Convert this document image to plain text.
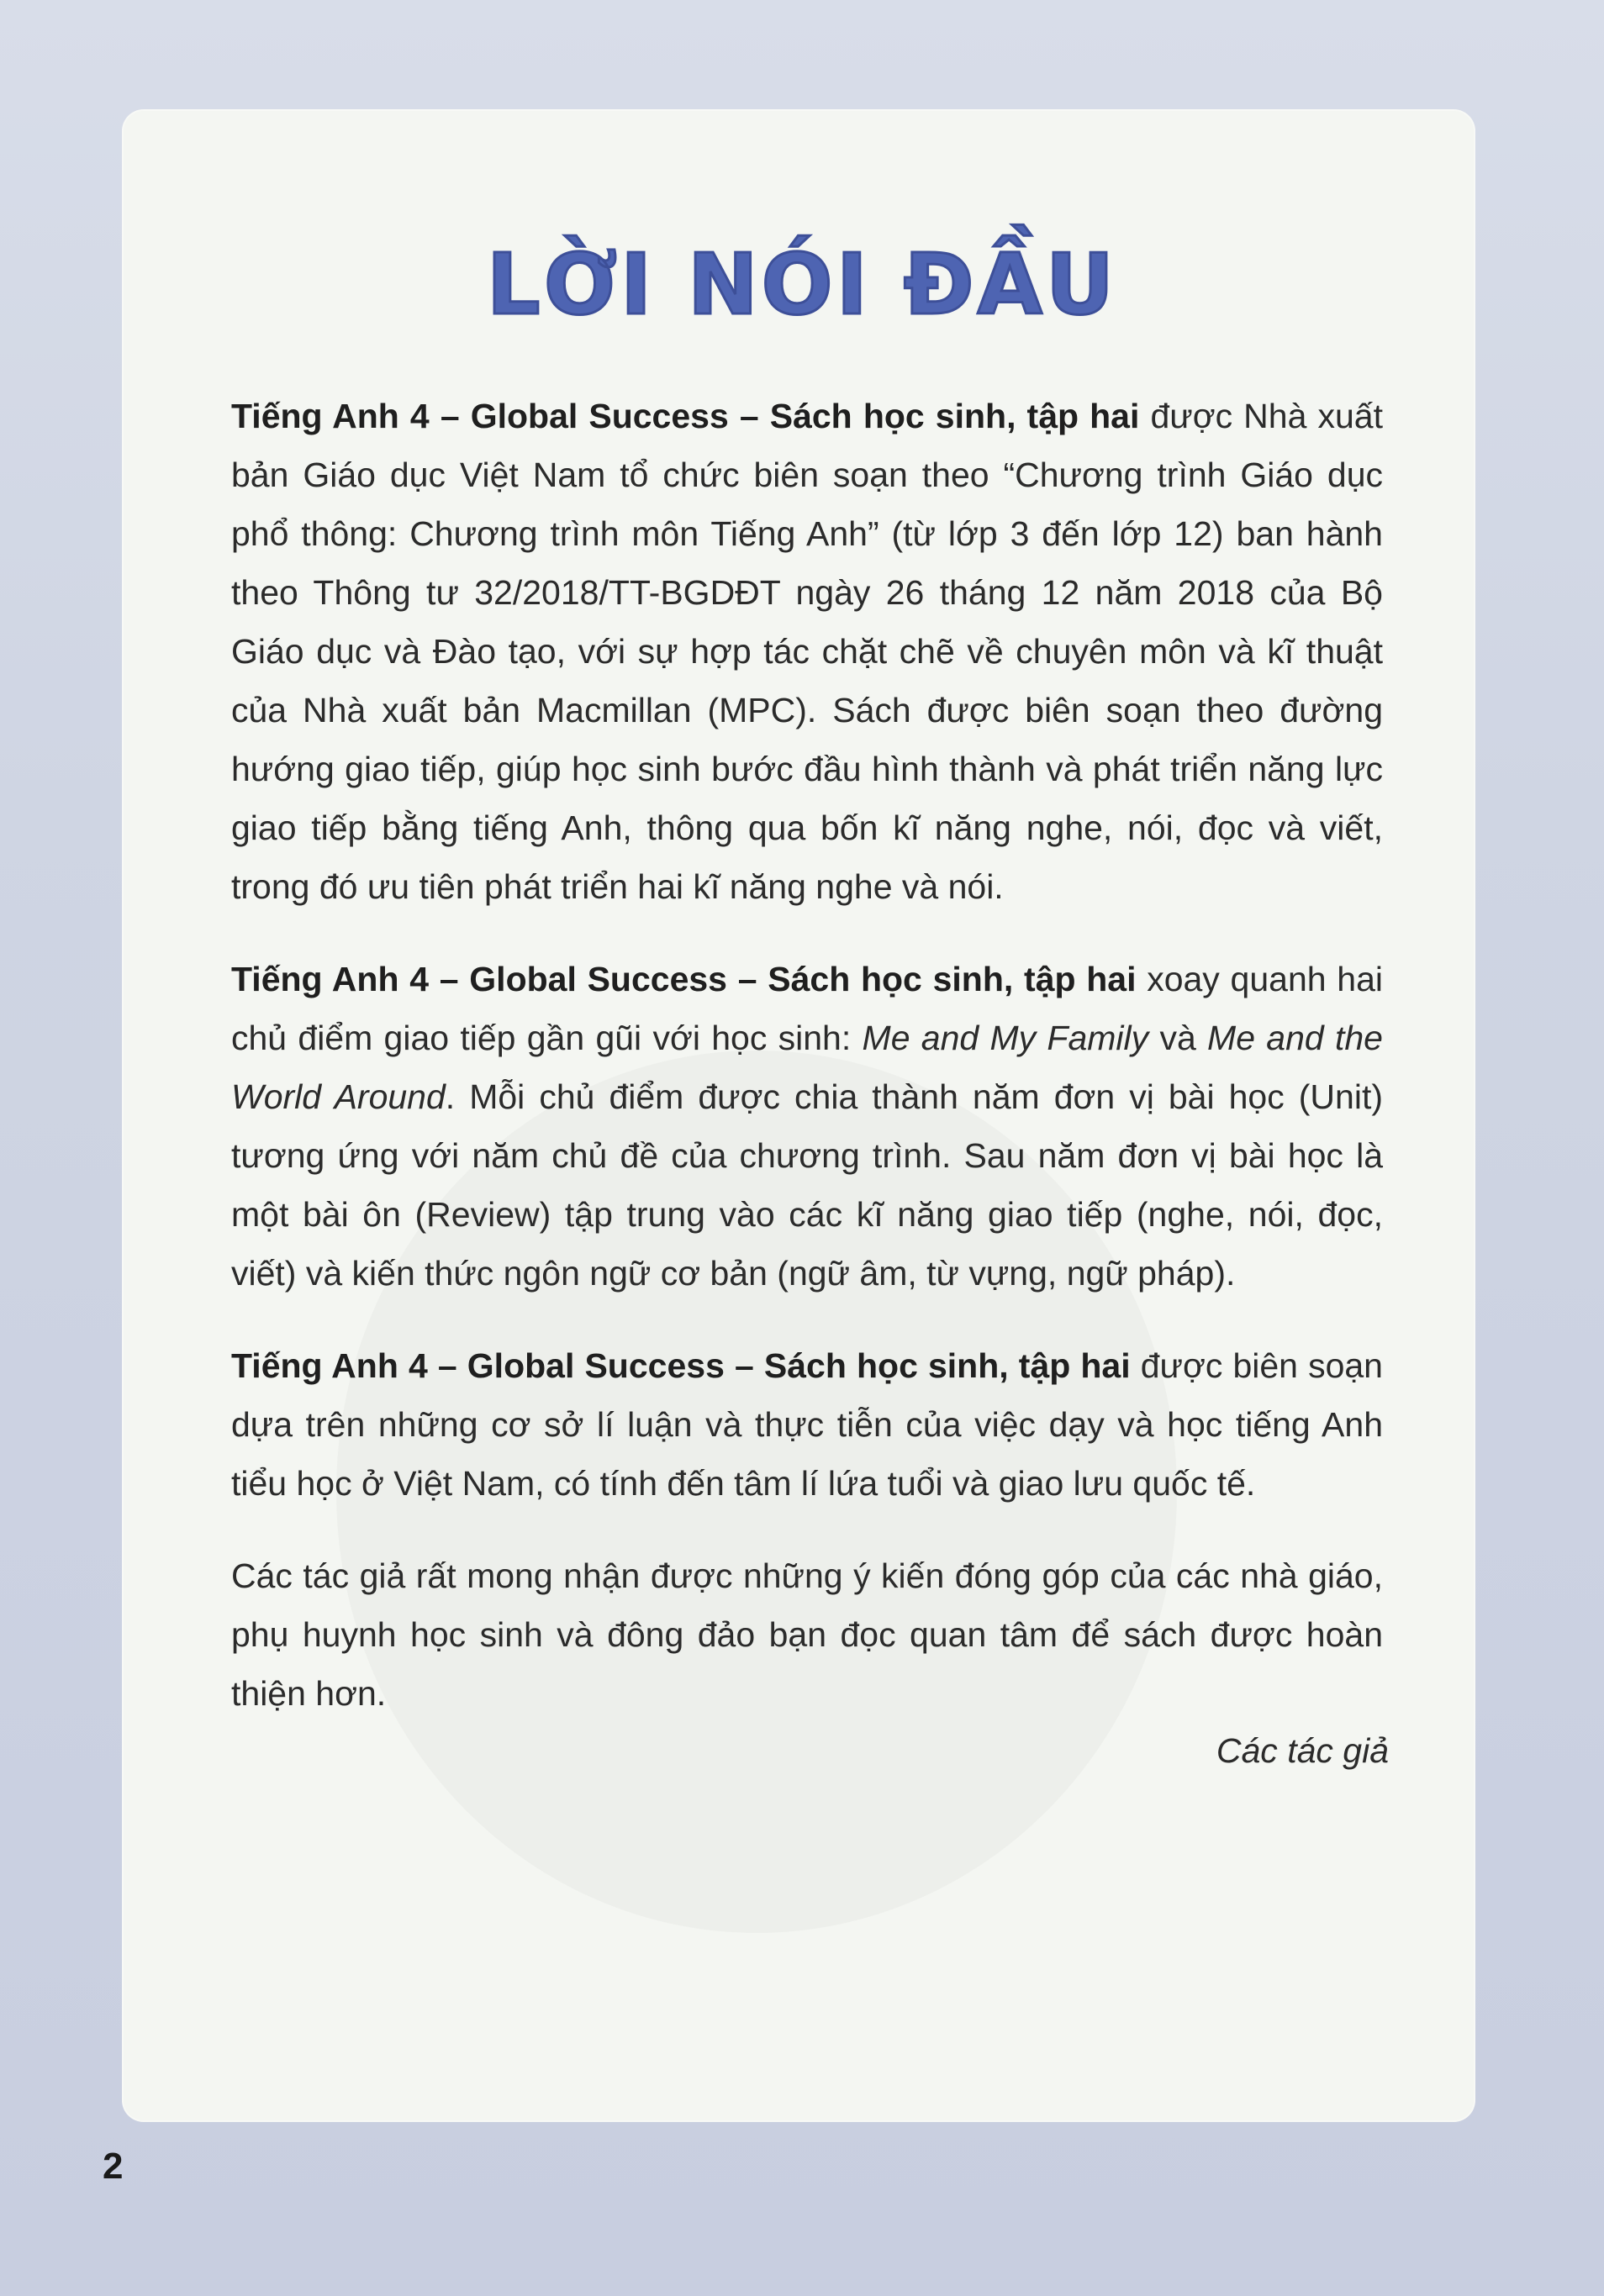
LỜI NÓI ĐẦU

Tiếng Anh 4 – Global Success – Sách học sinh, tập hai được Nhà xuất bản Giáo dục Việt Nam tổ chức biên soạn theo “Chương trình Giáo dục phổ thông: Chương trình môn Tiếng Anh” (từ lớp 3 đến lớp 12) ban hành theo Thông tư 32/2018/TT-BGDĐT ngày 26 tháng 12 năm 2018 của Bộ Giáo dục và Đào tạo, với sự hợp tác chặt chẽ về chuyên môn và kĩ thuật của Nhà xuất bản Macmillan (MPC). Sách được biên soạn theo đường hướng giao tiếp, giúp học sinh bước đầu hình thành và phát triển năng lực giao tiếp bằng tiếng Anh, thông qua bốn kĩ năng nghe, nói, đọc và viết, trong đó ưu tiên phát triển hai kĩ năng nghe và nói.

Tiếng Anh 4 – Global Success – Sách học sinh, tập hai xoay quanh hai chủ điểm giao tiếp gần gũi với học sinh: Me and My Family và Me and the World Around. Mỗi chủ điểm được chia thành năm đơn vị bài học (Unit) tương ứng với năm chủ đề của chương trình. Sau năm đơn vị bài học là một bài ôn (Review) tập trung vào các kĩ năng giao tiếp (nghe, nói, đọc, viết) và kiến thức ngôn ngữ cơ bản (ngữ âm, từ vựng, ngữ pháp).

Tiếng Anh 4 – Global Success – Sách học sinh, tập hai được biên soạn dựa trên những cơ sở lí luận và thực tiễn của việc dạy và học tiếng Anh tiểu học ở Việt Nam, có tính đến tâm lí lứa tuổi và giao lưu quốc tế.

Các tác giả rất mong nhận được những ý kiến đóng góp của các nhà giáo, phụ huynh học sinh và đông đảo bạn đọc quan tâm để sách được hoàn thiện hơn.

Các tác giả
2
